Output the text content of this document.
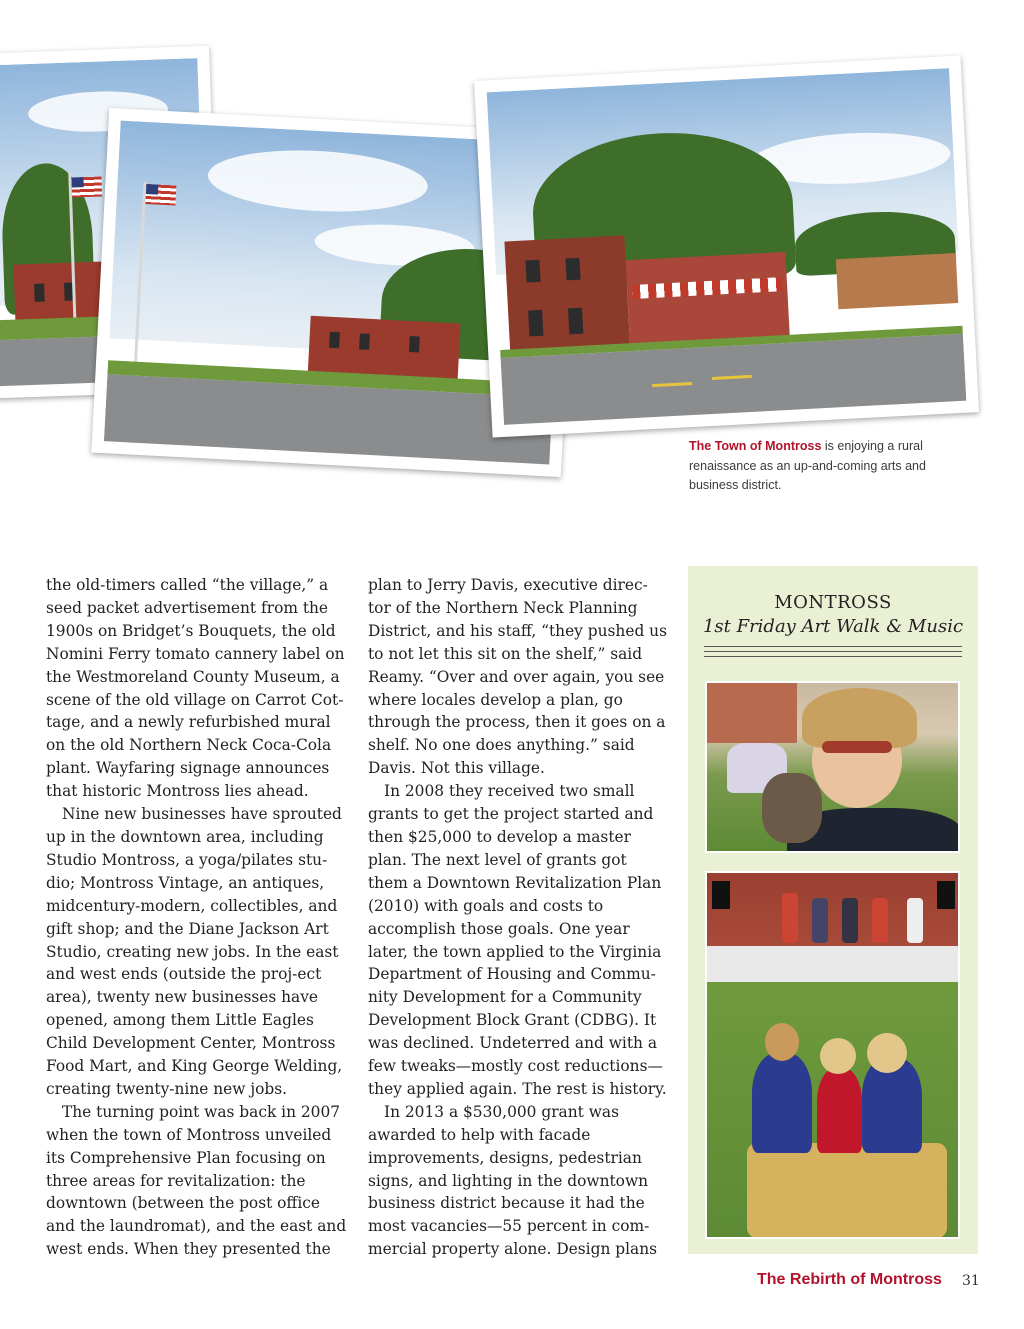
The Town of Montross is enjoying a rural renaissance as an up-and-coming arts and business district.

the old-timers called “the village,” a seed packet advertisement from the 1900s on Bridget’s Bouquets, the old Nomini Ferry tomato cannery label on the Westmoreland County Museum, a scene of the old village on Carrot Cot-tage, and a newly refurbished mural on the old Northern Neck Coca-Cola plant. Wayfaring signage announces that historic Montross lies ahead.

Nine new businesses have sprouted up in the downtown area, including Studio Montross, a yoga/pilates stu-dio; Montross Vintage, an antiques, midcentury-modern, collectibles, and gift shop; and the Diane Jackson Art Studio, creating new jobs. In the east and west ends (outside the proj-ect area), twenty new businesses have opened, among them Little Eagles Child Development Center, Montross Food Mart, and King George Welding, creating twenty-nine new jobs.

The turning point was back in 2007 when the town of Montross unveiled its Comprehensive Plan focusing on three areas for revitalization: the downtown (between the post office and the laundromat), and the east and west ends. When they presented the

plan to Jerry Davis, executive direc-tor of the Northern Neck Planning District, and his staff, “they pushed us to not let this sit on the shelf,” said Reamy. “Over and over again, you see where locales develop a plan, go through the process, then it goes on a shelf. No one does anything.” said Davis. Not this village.

In 2008 they received two small grants to get the project started and then $25,000 to develop a master plan. The next level of grants got them a Downtown Revitalization Plan (2010) with goals and costs to accomplish those goals. One year later, the town applied to the Virginia Department of Housing and Commu-nity Development for a Community Development Block Grant (CDBG). It was declined. Undeterred and with a few tweaks—mostly cost reductions—they applied again. The rest is history.

In 2013 a $530,000 grant was awarded to help with facade improvements, designs, pedestrian signs, and lighting in the downtown business district because it had the most vacancies—55 percent in com-mercial property alone. Design plans

MONTROSS
1st Friday Art Walk & Music
The Rebirth of Montross 31
